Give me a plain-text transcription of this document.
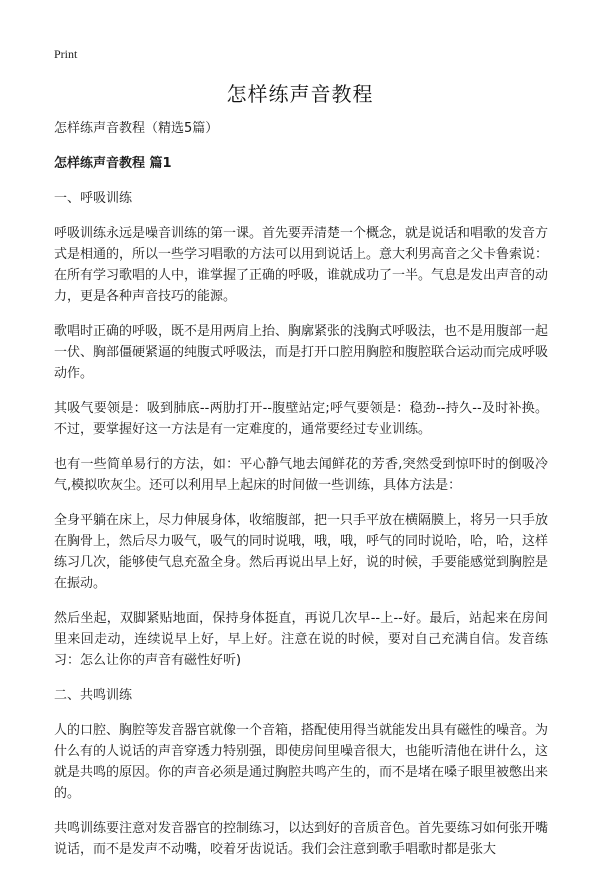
Print
怎样练声音教程

怎样练声音教程（精选5篇）

怎样练声音教程 篇1

一、呼吸训练

呼吸训练永远是噪音训练的第一课。首先要弄清楚一个概念，就是说话和唱歌的发音方式是相通的，所以一些学习唱歌的方法可以用到说话上。意大利男高音之父卡鲁索说：在所有学习歌唱的人中，谁掌握了正确的呼吸，谁就成功了一半。气息是发出声音的动力，更是各种声音技巧的能源。

歌唱时正确的呼吸，既不是用两肩上抬、胸廓紧张的浅胸式呼吸法，也不是用腹部一起一伏、胸部僵硬紧逼的纯腹式呼吸法，而是打开口腔用胸腔和腹腔联合运动而完成呼吸动作。

其吸气要领是：吸到肺底--两肋打开--腹壁站定;呼气要领是：稳劲--持久--及时补换。不过，要掌握好这一方法是有一定难度的，通常要经过专业训练。

也有一些简单易行的方法，如：平心静气地去闻鲜花的芳香,突然受到惊吓时的倒吸冷气,模拟吹灰尘。还可以利用早上起床的时间做一些训练，具体方法是：

全身平躺在床上，尽力伸展身体，收缩腹部，把一只手平放在横隔膜上，将另一只手放在胸骨上，然后尽力吸气，吸气的同时说哦，哦，哦，呼气的同时说哈，哈，哈，这样练习几次，能够使气息充盈全身。然后再说出早上好，说的时候，手要能感觉到胸腔是在振动。

然后坐起，双脚紧贴地面，保持身体挺直，再说几次早--上--好。最后，站起来在房间里来回走动，连续说早上好，早上好。注意在说的时候，要对自己充满自信。发音练习：怎么让你的声音有磁性好听)

二、共鸣训练

人的口腔、胸腔等发音器官就像一个音箱，搭配使用得当就能发出具有磁性的噪音。为什么有的人说话的声音穿透力特别强，即使房间里噪音很大，也能听清他在讲什么，这就是共鸣的原因。你的声音必须是通过胸腔共鸣产生的，而不是堵在嗓子眼里被憋出来的。

共鸣训练要注意对发音器官的控制练习，以达到好的音质音色。首先要练习如何张开嘴说话，而不是发声不动嘴，咬着牙齿说话。我们会注意到歌手唱歌时都是张大
